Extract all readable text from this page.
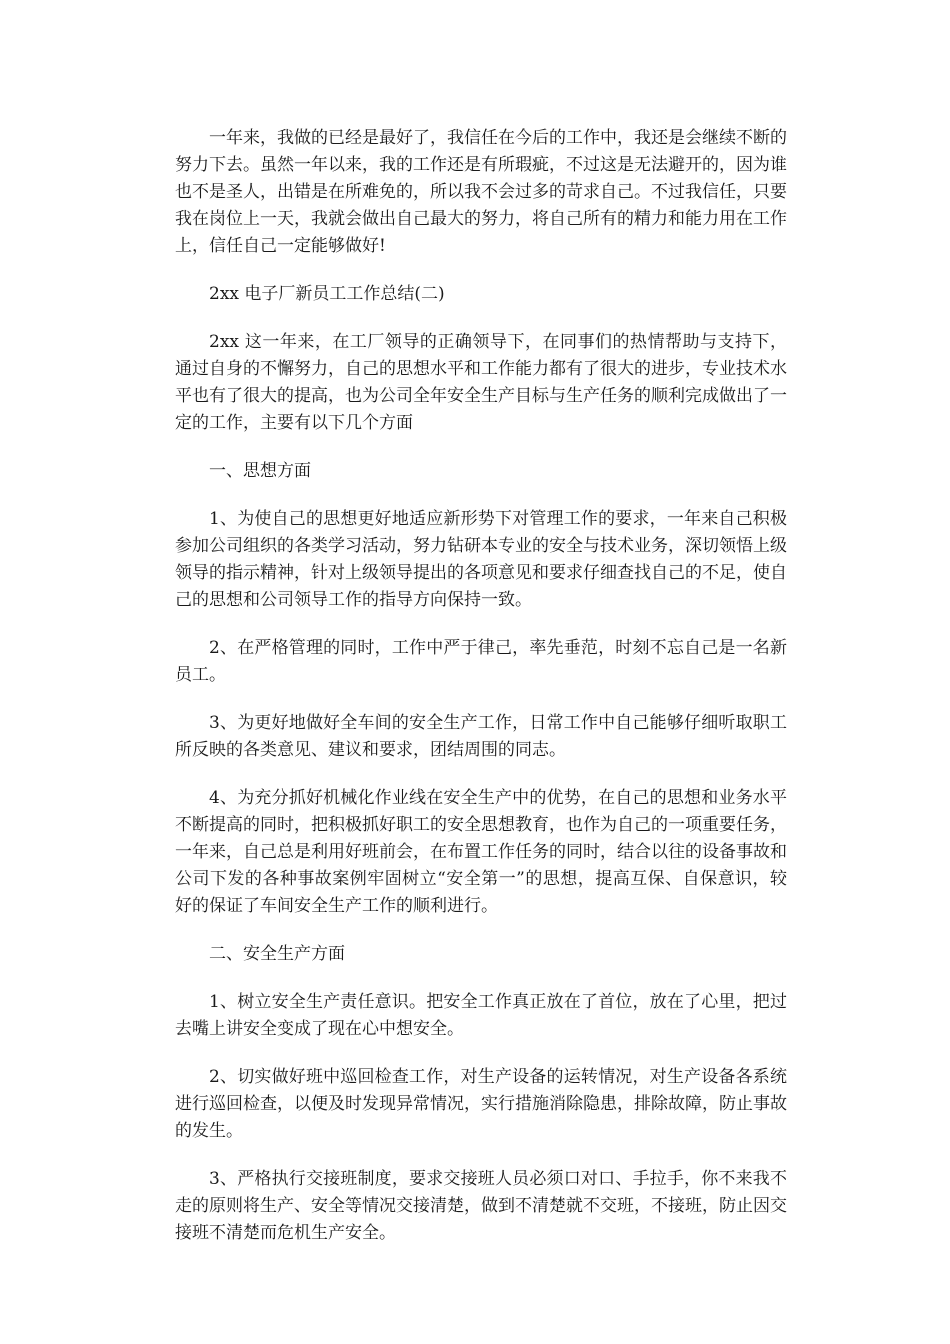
一年来，我做的已经是最好了，我信任在今后的工作中，我还是会继续不断的努力下去。虽然一年以来，我的工作还是有所瑕疵，不过这是无法避开的，因为谁也不是圣人，出错是在所难免的，所以我不会过多的苛求自己。不过我信任，只要我在岗位上一天，我就会做出自己最大的努力，将自己所有的精力和能力用在工作上，信任自己一定能够做好!

2xx 电子厂新员工工作总结(二)

2xx 这一年来，在工厂领导的正确领导下，在同事们的热情帮助与支持下，通过自身的不懈努力，自己的思想水平和工作能力都有了很大的进步，专业技术水平也有了很大的提高，也为公司全年安全生产目标与生产任务的顺利完成做出了一定的工作，主要有以下几个方面

一、思想方面

1、为使自己的思想更好地适应新形势下对管理工作的要求，一年来自己积极参加公司组织的各类学习活动，努力钻研本专业的安全与技术业务，深切领悟上级领导的指示精神，针对上级领导提出的各项意见和要求仔细查找自己的不足，使自己的思想和公司领导工作的指导方向保持一致。

2、在严格管理的同时，工作中严于律己，率先垂范，时刻不忘自己是一名新员工。

3、为更好地做好全车间的安全生产工作，日常工作中自己能够仔细听取职工所反映的各类意见、建议和要求，团结周围的同志。

4、为充分抓好机械化作业线在安全生产中的优势，在自己的思想和业务水平不断提高的同时，把积极抓好职工的安全思想教育，也作为自己的一项重要任务，一年来，自己总是利用好班前会，在布置工作任务的同时，结合以往的设备事故和公司下发的各种事故案例牢固树立“安全第一”的思想，提高互保、自保意识，较好的保证了车间安全生产工作的顺利进行。

二、安全生产方面

1、树立安全生产责任意识。把安全工作真正放在了首位，放在了心里，把过去嘴上讲安全变成了现在心中想安全。

2、切实做好班中巡回检查工作，对生产设备的运转情况，对生产设备各系统进行巡回检查，以便及时发现异常情况，实行措施消除隐患，排除故障，防止事故的发生。

3、严格执行交接班制度，要求交接班人员必须口对口、手拉手，你不来我不走的原则将生产、安全等情况交接清楚，做到不清楚就不交班，不接班，防止因交接班不清楚而危机生产安全。
